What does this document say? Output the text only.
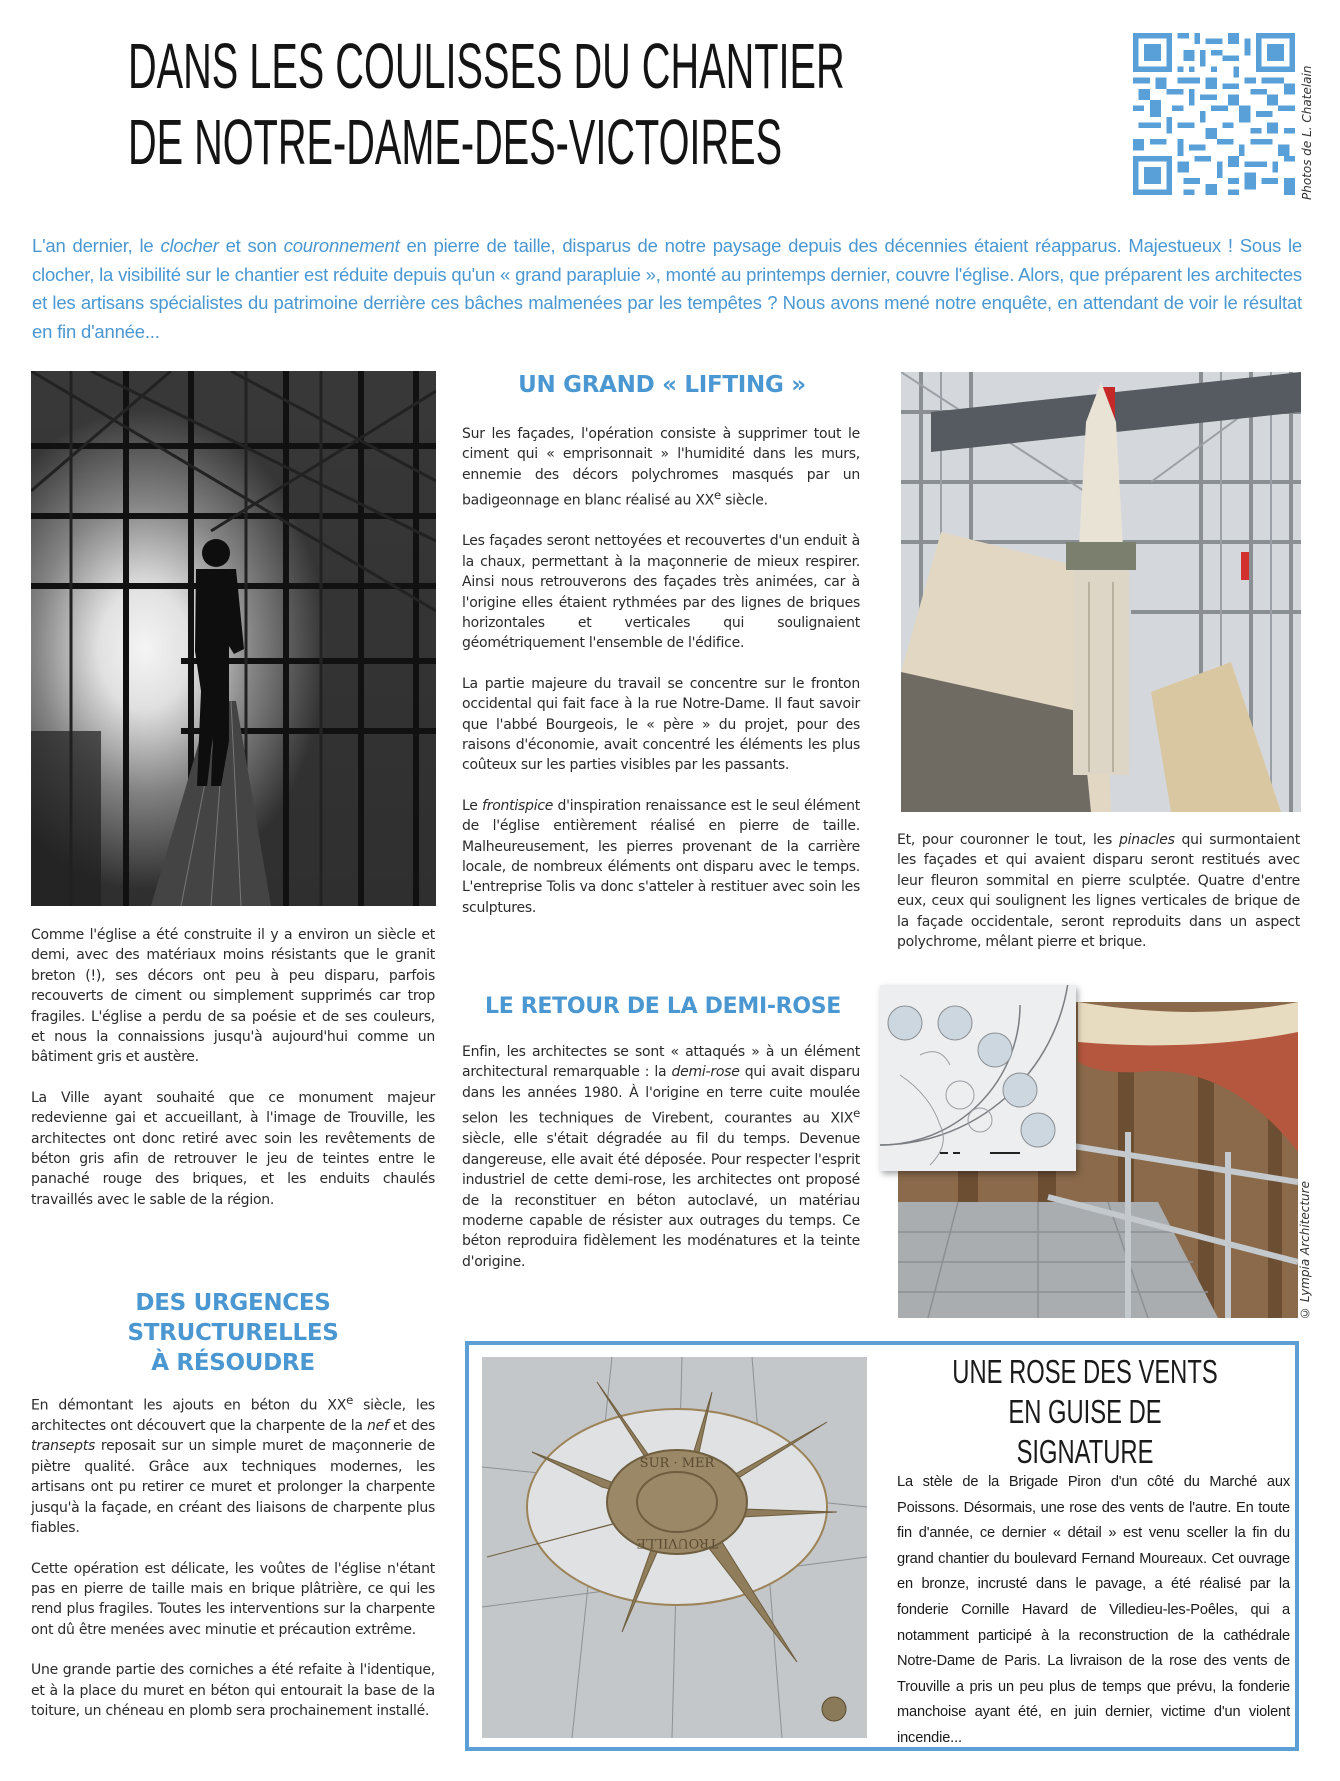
DANS LES COULISSES DU CHANTIER
DE NOTRE-DAME-DES-VICTOIRES	Photos de L. Chatelain

L'an dernier, le clocher et son couronnement en pierre de taille, disparus de notre paysage depuis des décennies étaient réapparus. Majestueux ! Sous le clocher, la visibilité sur le chantier est réduite depuis qu'un « grand parapluie », monté au printemps dernier, couvre l'église. Alors, que préparent les architectes et les artisans spécialistes du patrimoine derrière ces bâches malmenées par les tempêtes ? Nous avons mené notre enquête, en attendant de voir le résultat en fin d'année...

Comme l'église a été construite il y a environ un siècle et demi, avec des matériaux moins résistants que le granit breton (!), ses décors ont peu à peu disparu, parfois recouverts de ciment ou simplement supprimés car trop fragiles. L'église a perdu de sa poésie et de ses couleurs, et nous la connaissions jusqu'à aujourd'hui comme un bâtiment gris et austère.

La Ville ayant souhaité que ce monument majeur redevienne gai et accueillant, à l'image de Trouville, les architectes ont donc retiré avec soin les revêtements de béton gris afin de retrouver le jeu de teintes entre le panaché rouge des briques, et les enduits chaulés travaillés avec le sable de la région.

DES URGENCES
STRUCTURELLES
À RÉSOUDRE

En démontant les ajouts en béton du XXe siècle, les architectes ont découvert que la charpente de la nef et des transepts reposait sur un simple muret de maçonnerie de piètre qualité. Grâce aux techniques modernes, les artisans ont pu retirer ce muret et prolonger la charpente jusqu'à la façade, en créant des liaisons de charpente plus fiables.

Cette opération est délicate, les voûtes de l'église n'étant pas en pierre de taille mais en brique plâtrière, ce qui les rend plus fragiles. Toutes les interventions sur la charpente ont dû être menées avec minutie et précaution extrême.

Une grande partie des corniches a été refaite à l'identique, et à la place du muret en béton qui entourait la base de la toiture, un chéneau en plomb sera prochainement installé.

UN GRAND « LIFTING »

Sur les façades, l'opération consiste à supprimer tout le ciment qui « emprisonnait » l'humidité dans les murs, ennemie des décors polychromes masqués par un badigeonnage en blanc réalisé au XXe siècle.

Les façades seront nettoyées et recouvertes d'un enduit à la chaux, permettant à la maçonnerie de mieux respirer. Ainsi nous retrouverons des façades très animées, car à l'origine elles étaient rythmées par des lignes de briques horizontales et verticales qui soulignaient géométriquement l'ensemble de l'édifice.

La partie majeure du travail se concentre sur le fronton occidental qui fait face à la rue Notre-Dame. Il faut savoir que l'abbé Bourgeois, le « père » du projet, pour des raisons d'économie, avait concentré les éléments les plus coûteux sur les parties visibles par les passants.

Le frontispice d'inspiration renaissance est le seul élément de l'église entièrement réalisé en pierre de taille. Malheureusement, les pierres provenant de la carrière locale, de nombreux éléments ont disparu avec le temps. L'entreprise Tolis va donc s'atteler à restituer avec soin les sculptures.

LE RETOUR DE LA DEMI-ROSE

Enfin, les architectes se sont « attaqués » à un élément architectural remarquable : la demi-rose qui avait disparu dans les années 1980. À l'origine en terre cuite moulée selon les techniques de Virebent, courantes au XIXe siècle, elle s'était dégradée au fil du temps. Devenue dangereuse, elle avait été déposée. Pour respecter l'esprit industriel de cette demi-rose, les architectes ont proposé de la reconstituer en béton autoclavé, un matériau moderne capable de résister aux outrages du temps. Ce béton reproduira fidèlement les modénatures et la teinte d'origine.

Et, pour couronner le tout, les pinacles qui surmontaient les façades et qui avaient disparu seront restitués avec leur fleuron sommital en pierre sculptée. Quatre d'entre eux, ceux qui soulignent les lignes verticales de brique de la façade occidentale, seront reproduits dans un aspect polychrome, mêlant pierre et brique.

© Lympia Architecture
SUR · MER
TROUVILLE
UNE ROSE DES VENTS
EN GUISE DE SIGNATURE

La stèle de la Brigade Piron d'un côté du Marché aux Poissons. Désormais, une rose des vents de l'autre. En toute fin d'année, ce dernier « détail » est venu sceller la fin du grand chantier du boulevard Fernand Moureaux. Cet ouvrage en bronze, incrusté dans le pavage, a été réalisé par la fonderie Cornille Havard de Villedieu-les-Poêles, qui a notamment participé à la reconstruction de la cathédrale Notre-Dame de Paris. La livraison de la rose des vents de Trouville a pris un peu plus de temps que prévu, la fonderie manchoise ayant été, en juin dernier, victime d'un violent incendie...
